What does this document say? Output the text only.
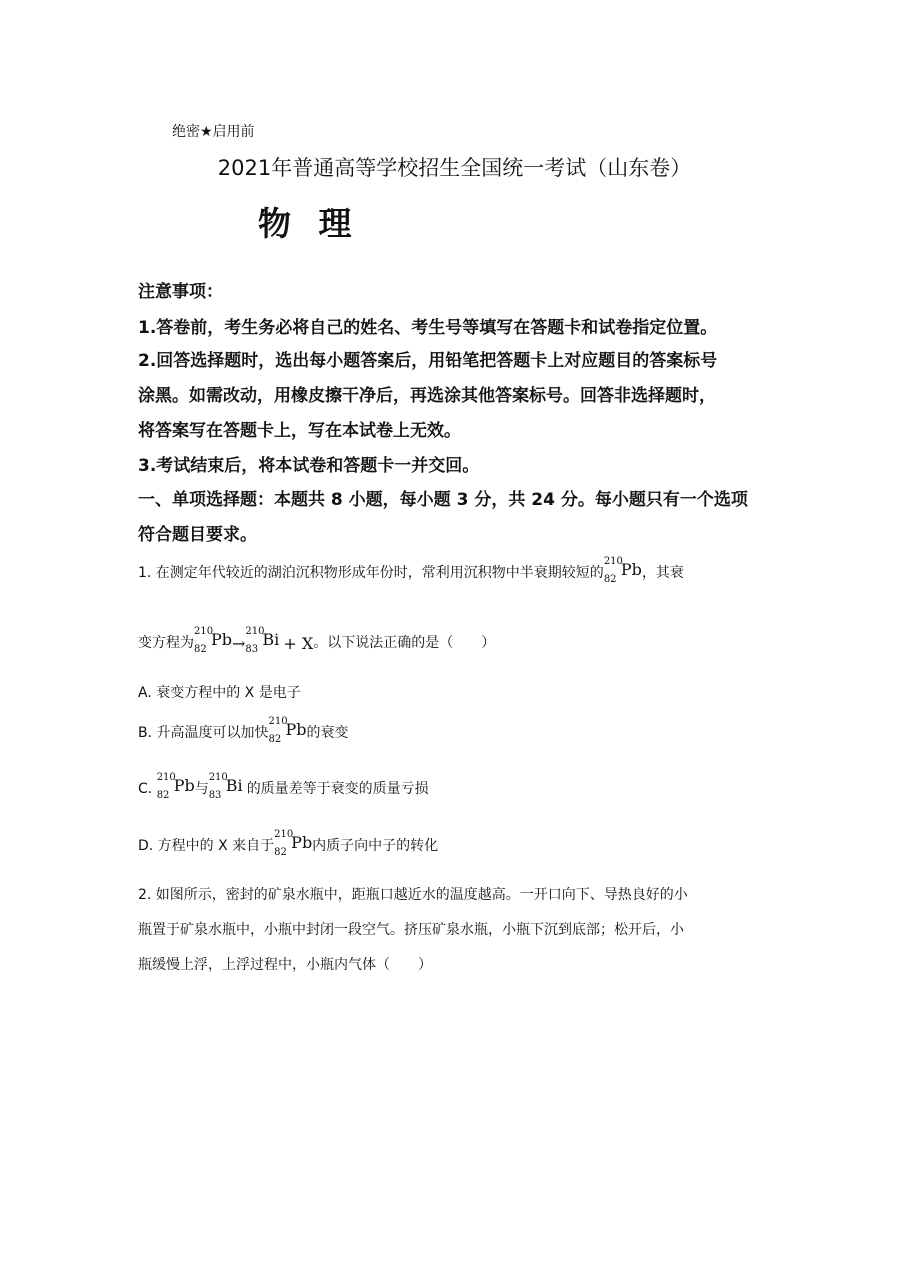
绝密★启用前
2021年普通高等学校招生全国统一考试（山东卷）
物 理
注意事项：
1.答卷前，考生务必将自己的姓名、考生号等填写在答题卡和试卷指定位置。
2.回答选择题时，选出每小题答案后，用铅笔把答题卡上对应题目的答案标号
涂黑。如需改动，用橡皮擦干净后，再选涂其他答案标号。回答非选择题时，
将答案写在答题卡上，写在本试卷上无效。
3.考试结束后，将本试卷和答题卡一并交回。
一、单项选择题：本题共 8 小题，每小题 3 分，共 24 分。每小题只有一个选项
符合题目要求。
1. 在测定年代较近的湖泊沉积物形成年份时，常利用沉积物中半衰期较短的
210
82
Pb ，其衰
变方程为
210
82
Pb →
210
83
Bi + X。以下说法正确的是（　　）
A. 衰变方程中的 X 是电子
B. 升高温度可以加快
210
82
Pb 的衰变
C.
210
82
Pb 与
210
83
Bi 的质量差等于衰变的质量亏损
D. 方程中的 X 来自于
210
82
Pb 内质子向中子的转化
2. 如图所示，密封的矿泉水瓶中，距瓶口越近水的温度越高。一开口向下、导热良好的小
瓶置于矿泉水瓶中，小瓶中封闭一段空气。挤压矿泉水瓶，小瓶下沉到底部；松开后，小
瓶缓慢上浮，上浮过程中，小瓶内气体（　　）
